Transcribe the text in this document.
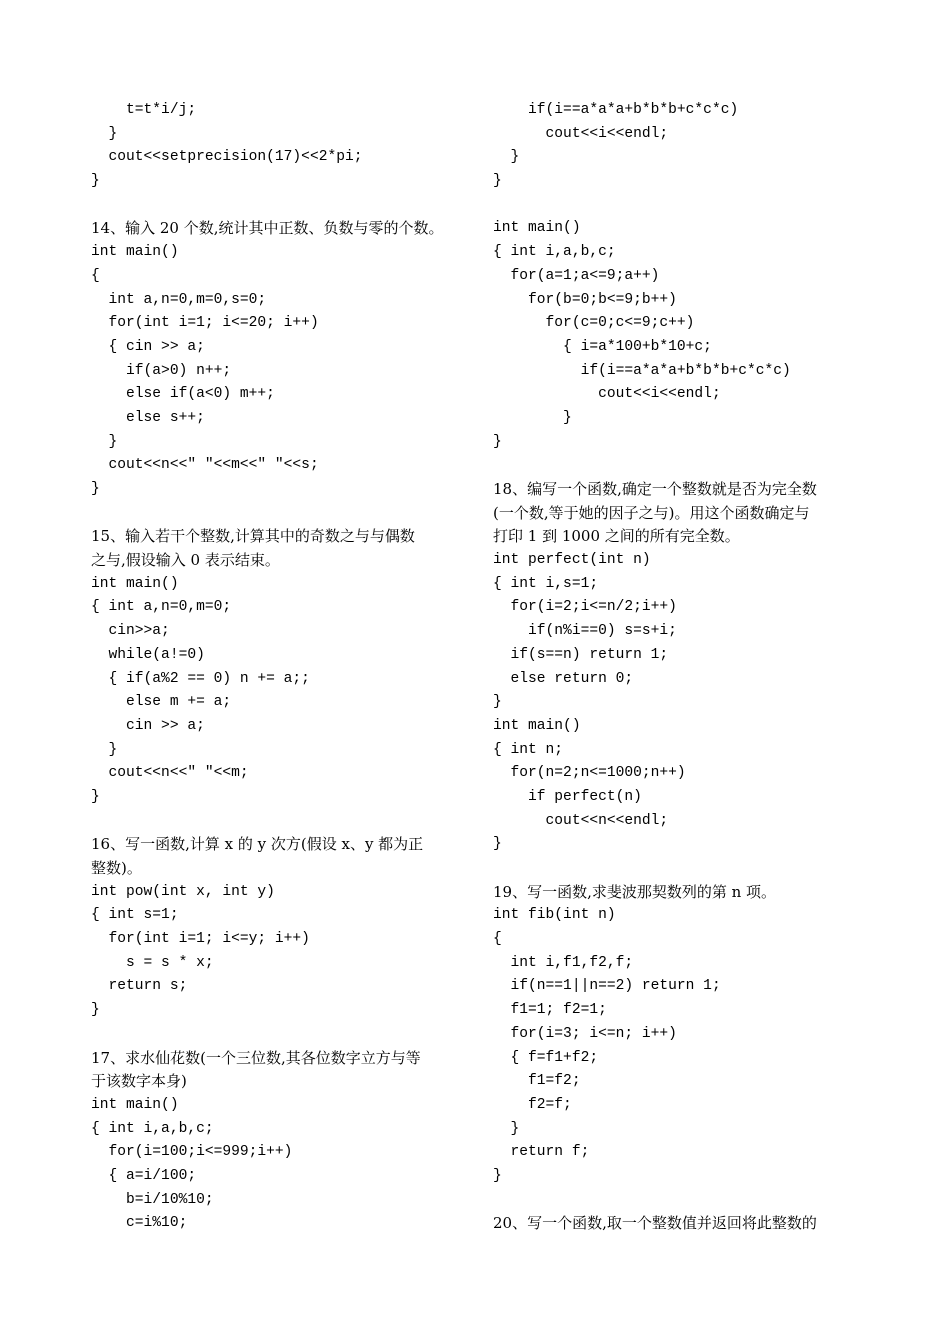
t=t*i/j;
}
cout<<setprecision(17)<<2*pi;
}
14、输入 20 个数,统计其中正数、负数与零的个数。
int main()
{
int a,n=0,m=0,s=0;
for(int i=1; i<=20; i++)
{ cin >> a;
if(a>0) n++;
else if(a<0) m++;
else s++;
}
cout<<n<<" "<<m<<" "<<s;
}
15、输入若干个整数,计算其中的奇数之与与偶数
之与,假设输入 0 表示结束。
int main()
{ int a,n=0,m=0;
cin>>a;
while(a!=0)
{ if(a%2 == 0) n += a;;
else m += a;
cin >> a;
}
cout<<n<<" "<<m;
}
16、写一函数,计算 x 的 y 次方(假设 x、y 都为正
整数)。
int pow(int x, int y)
{ int s=1;
for(int i=1; i<=y; i++)
s = s * x;
return s;
}
17、求水仙花数(一个三位数,其各位数字立方与等
于该数字本身)
int main()
{ int i,a,b,c;
for(i=100;i<=999;i++)
{ a=i/100;
b=i/10%10;
c=i%10;
if(i==a*a*a+b*b*b+c*c*c)
cout<<i<<endl;
}
}
int main()
{ int i,a,b,c;
for(a=1;a<=9;a++)
for(b=0;b<=9;b++)
for(c=0;c<=9;c++)
{ i=a*100+b*10+c;
if(i==a*a*a+b*b*b+c*c*c)
cout<<i<<endl;
}
}
18、编写一个函数,确定一个整数就是否为完全数
(一个数,等于她的因子之与)。用这个函数确定与
打印 1 到 1000 之间的所有完全数。
int perfect(int n)
{ int i,s=1;
for(i=2;i<=n/2;i++)
if(n%i==0) s=s+i;
if(s==n) return 1;
else return 0;
}
int main()
{ int n;
for(n=2;n<=1000;n++)
if perfect(n)
cout<<n<<endl;
}
19、写一函数,求斐波那契数列的第 n 项。
int fib(int n)
{
int i,f1,f2,f;
if(n==1||n==2) return 1;
f1=1; f2=1;
for(i=3; i<=n; i++)
{ f=f1+f2;
f1=f2;
f2=f;
}
return f;
}
20、写一个函数,取一个整数值并返回将此整数的
